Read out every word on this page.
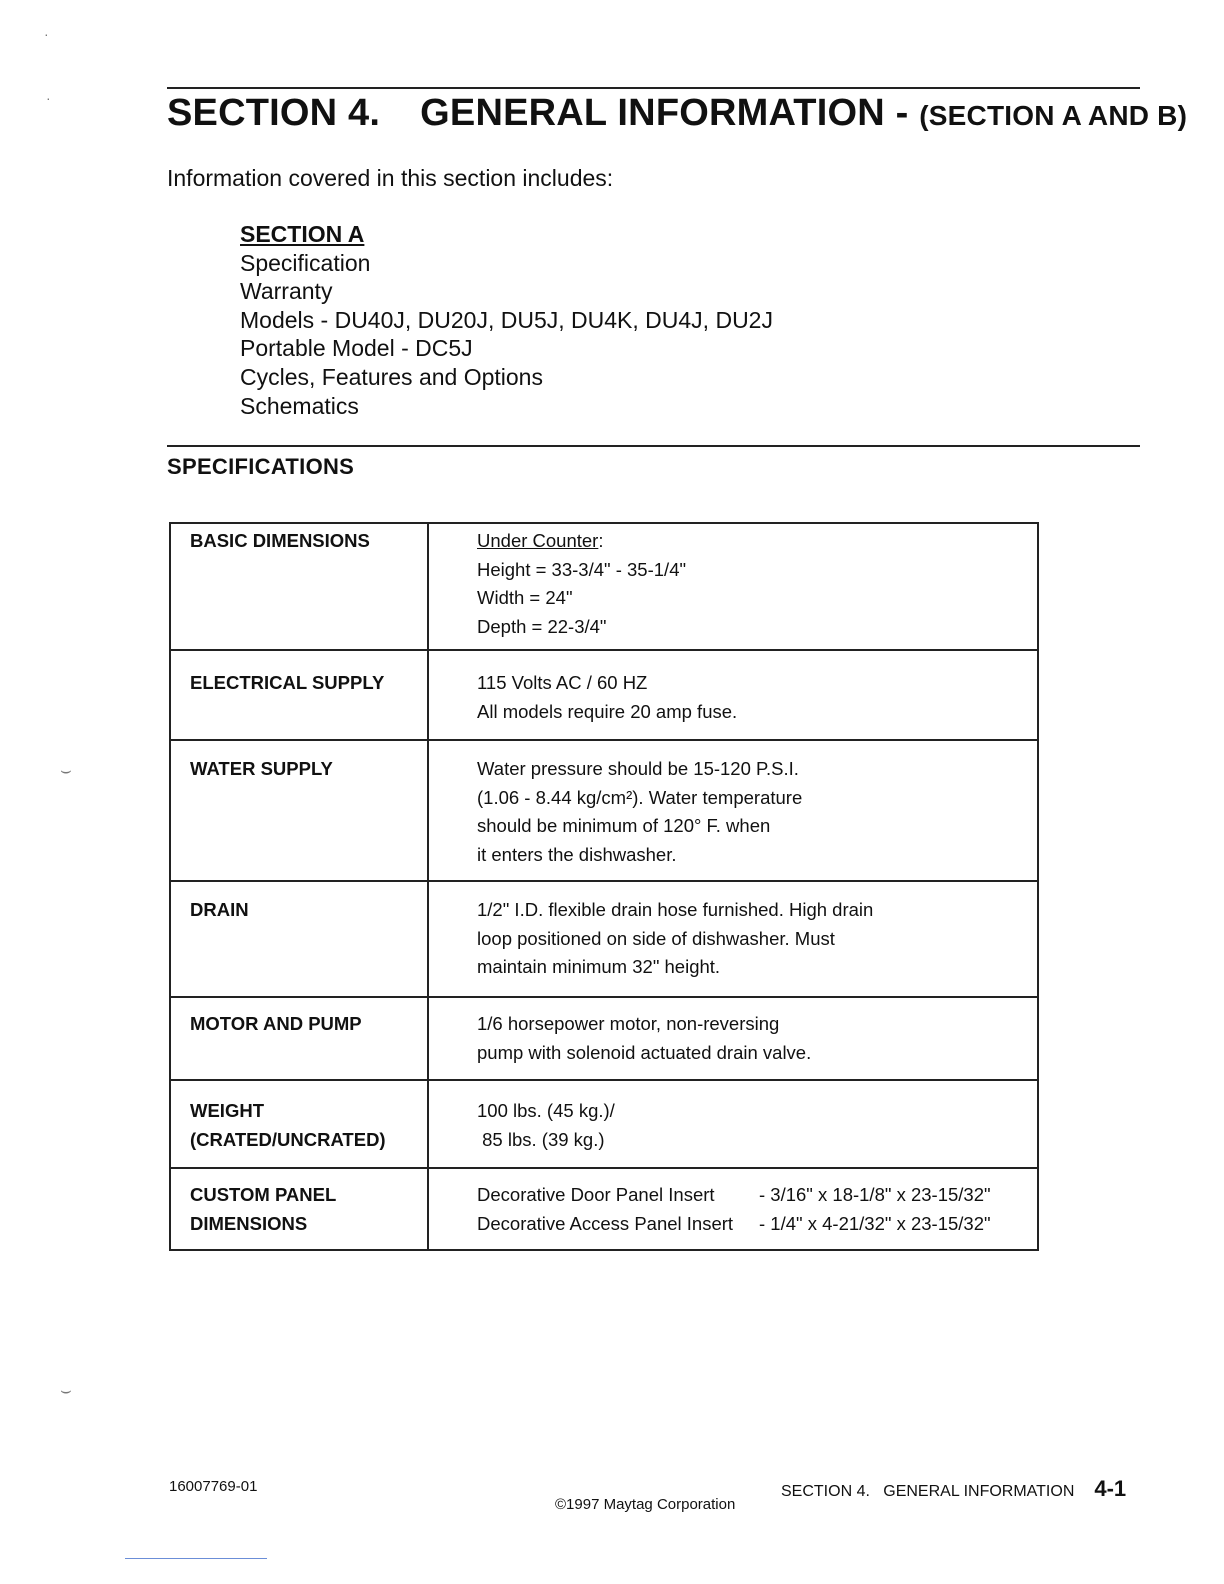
SECTION 4. GENERAL INFORMATION - (SECTION A AND B)
Information covered in this section includes:
SECTION A
Specification
Warranty
Models - DU40J, DU20J, DU5J, DU4K, DU4J, DU2J
Portable Model - DC5J
Cycles, Features and Options
Schematics
SPECIFICATIONS
BASIC DIMENSIONS	Under Counter:
Height = 33-3/4" - 35-1/4"
Width = 24"
Depth = 22-3/4"

ELECTRICAL SUPPLY	115 Volts AC / 60 HZ
All models require 20 amp fuse.

WATER SUPPLY	Water pressure should be 15-120 P.S.I.
(1.06 - 8.44 kg/cm²). Water temperature
should be minimum of 120° F. when
it enters the dishwasher.

DRAIN	1/2" I.D. flexible drain hose furnished. High drain
loop positioned on side of dishwasher. Must
maintain minimum 32" height.

MOTOR AND PUMP	1/6 horsepower motor, non-reversing
pump with solenoid actuated drain valve.

WEIGHT
(CRATED/UNCRATED)	100 lbs. (45 kg.)/
85 lbs. (39 kg.)

CUSTOM PANEL
DIMENSIONS	Decorative Door Panel Insert - 3/16" x 18-1/8" x 23-15/32"
Decorative Access Panel Insert - 1/4" x 4-21/32" x 23-15/32"
16007769-01
©1997 Maytag Corporation
SECTION 4.   GENERAL INFORMATION 4-1
·
·
⌣
⌣
